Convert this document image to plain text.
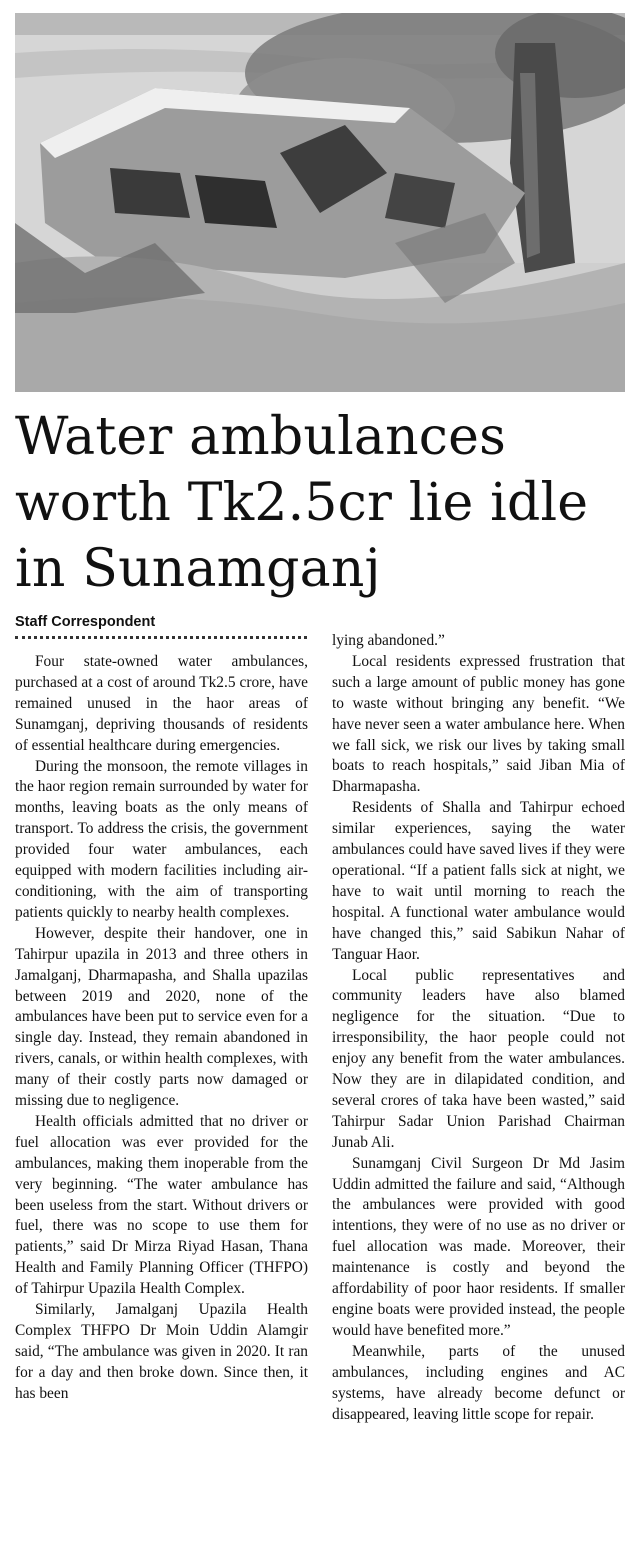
Water ambulances worth Tk2.5cr lie idle in Sunamganj
Staff Correspondent

Four state-owned water ambulances, purchased at a cost of around Tk2.5 crore, have remained unused in the haor areas of Sunamganj, depriving thousands of residents of essential healthcare during emergencies.

During the monsoon, the remote villages in the haor region remain surrounded by water for months, leaving boats as the only means of transport. To address the crisis, the government provided four water ambulances, each equipped with modern facilities including air-conditioning, with the aim of transporting patients quickly to nearby health complexes.

However, despite their handover, one in Tahirpur upazila in 2013 and three others in Jamalganj, Dharmapasha, and Shalla upazilas between 2019 and 2020, none of the ambulances have been put to service even for a single day. Instead, they remain abandoned in rivers, canals, or within health complexes, with many of their costly parts now damaged or missing due to negligence.

Health officials admitted that no driver or fuel allocation was ever provided for the ambulances, making them inoperable from the very beginning. “The water ambulance has been useless from the start. Without drivers or fuel, there was no scope to use them for patients,” said Dr Mirza Riyad Hasan, Thana Health and Family Planning Officer (THFPO) of Tahirpur Upazila Health Complex.

Similarly, Jamalganj Upazila Health Complex THFPO Dr Moin Uddin Alamgir said, “The ambulance was given in 2020. It ran for a day and then broke down. Since then, it has been

lying abandoned.”

Local residents expressed frustration that such a large amount of public money has gone to waste without bringing any benefit. “We have never seen a water ambulance here. When we fall sick, we risk our lives by taking small boats to reach hospitals,” said Jiban Mia of Dharmapasha.

Residents of Shalla and Tahirpur echoed similar experiences, saying the water ambulances could have saved lives if they were operational. “If a patient falls sick at night, we have to wait until morning to reach the hospital. A functional water ambulance would have changed this,” said Sabikun Nahar of Tanguar Haor.

Local public representatives and community leaders have also blamed negligence for the situation. “Due to irresponsibility, the haor people could not enjoy any benefit from the water ambulances. Now they are in dilapidated condition, and several crores of taka have been wasted,” said Tahirpur Sadar Union Parishad Chairman Junab Ali.

Sunamganj Civil Surgeon Dr Md Jasim Uddin admitted the failure and said, “Although the ambulances were provided with good intentions, they were of no use as no driver or fuel allocation was made. Moreover, their maintenance is costly and beyond the affordability of poor haor residents. If smaller engine boats were provided instead, the people would have benefited more.”

Meanwhile, parts of the unused ambulances, including engines and AC systems, have already become defunct or disappeared, leaving little scope for repair.
